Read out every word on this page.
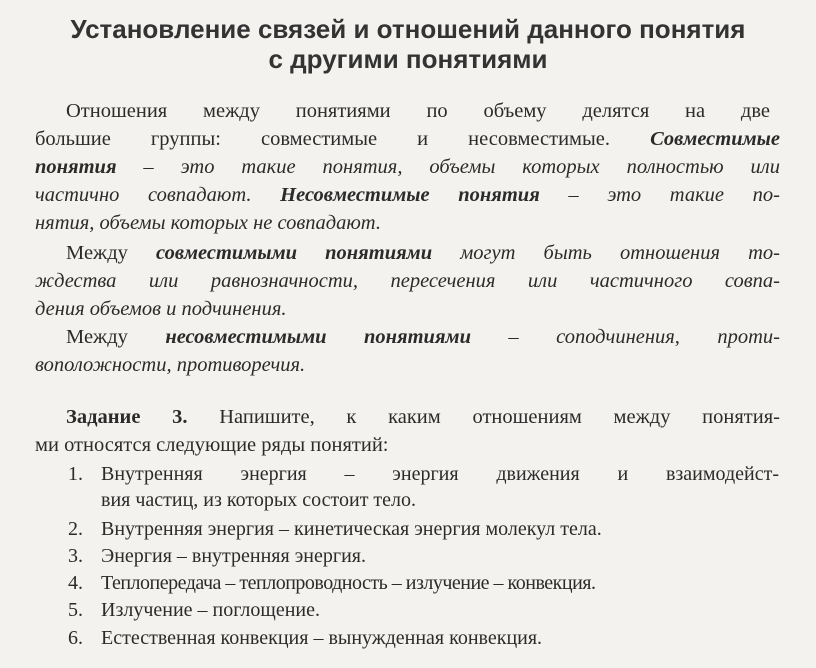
Установление связей и отношений данного понятия
с другими понятиями

Отношения между понятиями по объему делятся на две

большие группы: совместимые и несовместимые. Совместимые

понятия – это такие понятия, объемы которых полностью или

частично совпадают. Несовместимые понятия – это такие по-

нятия, объемы которых не совпадают.

Между совместимыми понятиями могут быть отношения то-

ждества или равнозначности, пересечения или частичного совпа-

дения объемов и подчинения.

Между несовместимыми понятиями – соподчинения, проти-

воположности, противоречия.

Задание 3. Напишите, к каким отношениям между понятия-

ми относятся следующие ряды понятий:

1. Внутренняя энергия – энергия движения и взаимодейст-

вия частиц, из которых состоит тело.

2. Внутренняя энергия – кинетическая энергия молекул тела.

3. Энергия – внутренняя энергия.

4. Теплопередача – теплопроводность – излучение – конвекция.

5. Излучение – поглощение.

6. Естественная конвекция – вынужденная конвекция.
